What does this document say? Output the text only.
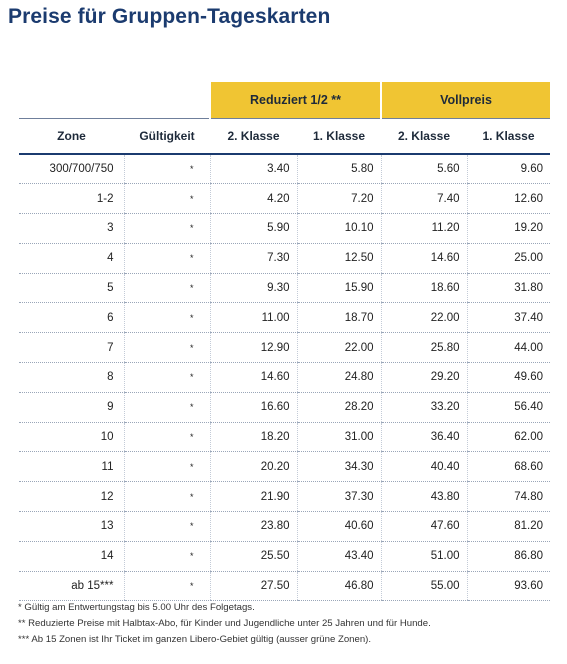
Preise für Gruppen-Tageskarten
		Reduziert 1/2 **		Vollpreis	
Zone	Gültigkeit	2. Klasse	1. Klasse	2. Klasse	1. Klasse
300/700/750	*	3.40	5.80	5.60	9.60
1-2	*	4.20	7.20	7.40	12.60
3	*	5.90	10.10	11.20	19.20
4	*	7.30	12.50	14.60	25.00
5	*	9.30	15.90	18.60	31.80
6	*	11.00	18.70	22.00	37.40
7	*	12.90	22.00	25.80	44.00
8	*	14.60	24.80	29.20	49.60
9	*	16.60	28.20	33.20	56.40
10	*	18.20	31.00	36.40	62.00
11	*	20.20	34.30	40.40	68.60
12	*	21.90	37.30	43.80	74.80
13	*	23.80	40.60	47.60	81.20
14	*	25.50	43.40	51.00	86.80
ab 15***	*	27.50	46.80	55.00	93.60
* Gültig am Entwertungstag bis 5.00 Uhr des Folgetags.
** Reduzierte Preise mit Halbtax-Abo, für Kinder und Jugendliche unter 25 Jahren und für Hunde.
*** Ab 15 Zonen ist Ihr Ticket im ganzen Libero-Gebiet gültig (ausser grüne Zonen).
